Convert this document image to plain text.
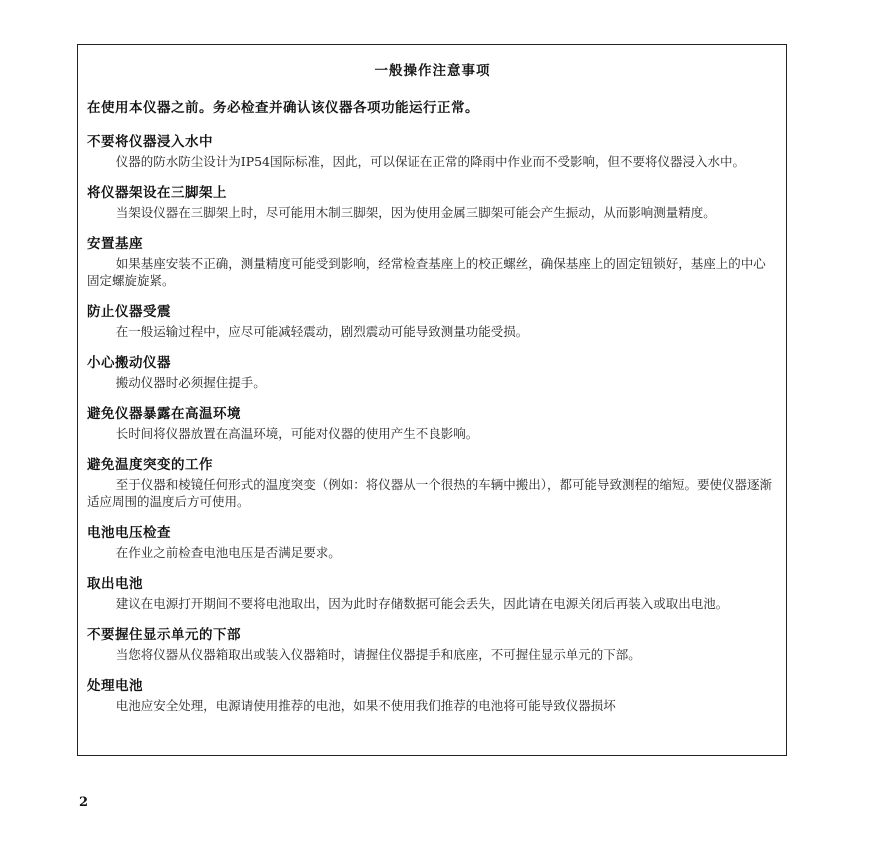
一般操作注意事项
在使用本仪器之前。务必检查并确认该仪器各项功能运行正常。
不要将仪器浸入水中

仪器的防水防尘设计为IP54国际标准，因此，可以保证在正常的降雨中作业而不受影响，但不要将仪器浸入水中。

将仪器架设在三脚架上

当架设仪器在三脚架上时，尽可能用木制三脚架，因为使用金属三脚架可能会产生振动，从而影响测量精度。

安置基座

如果基座安装不正确，测量精度可能受到影响，经常检查基座上的校正螺丝，确保基座上的固定钮锁好，基座上的中心固定螺旋旋紧。

防止仪器受震

在一般运输过程中，应尽可能减轻震动，剧烈震动可能导致测量功能受损。

小心搬动仪器

搬动仪器时必须握住提手。

避免仪器暴露在高温环境

长时间将仪器放置在高温环境，可能对仪器的使用产生不良影响。

避免温度突变的工作

至于仪器和棱镜任何形式的温度突变（例如：将仪器从一个很热的车辆中搬出），都可能导致测程的缩短。要使仪器逐渐适应周围的温度后方可使用。

电池电压检查

在作业之前检查电池电压是否满足要求。

取出电池

建议在电源打开期间不要将电池取出，因为此时存储数据可能会丢失，因此请在电源关闭后再装入或取出电池。

不要握住显示单元的下部

当您将仪器从仪器箱取出或装入仪器箱时，请握住仪器提手和底座，不可握住显示单元的下部。

处理电池

电池应安全处理，电源请使用推荐的电池，如果不使用我们推荐的电池将可能导致仪器损坏

2
